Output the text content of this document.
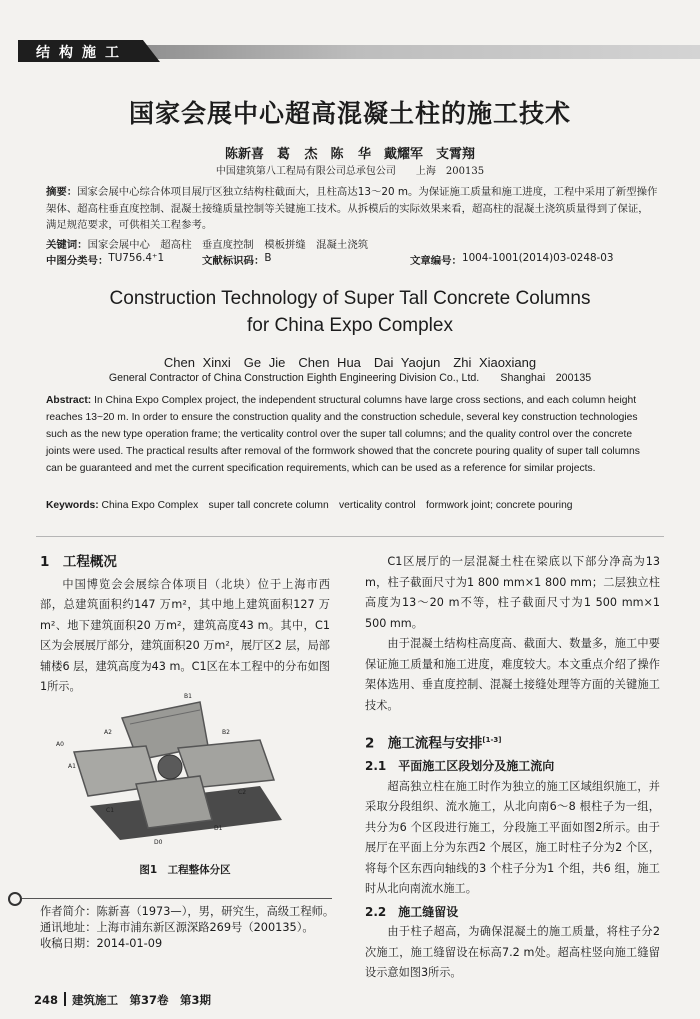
结构施工
国家会展中心超高混凝土柱的施工技术
陈新喜　葛 杰　陈 华　戴耀军　支霄翔
中国建筑第八工程局有限公司总承包公司　　上海　200135
摘要：国家会展中心综合体项目展厅区独立结构柱截面大，且柱高达13～20 m。为保证施工质量和施工进度，工程中采用了新型操作架体、超高柱垂直度控制、混凝土接缝质量控制等关键施工技术。从拆模后的实际效果来看，超高柱的混凝土浇筑质量得到了保证，满足规范要求，可供相关工程参考。
关键词：国家会展中心　超高柱　垂直度控制　模板拼缝　混凝土浇筑
中图分类号： TU756.4⁺1	文献标识码： B	文章编号： 1004-1001(2014)03-0248-03
Construction Technology of Super Tall Concrete Columns
for China Expo Complex
Chen Xinxi　Ge Jie　Chen Hua　Dai Yaojun　Zhi Xiaoxiang
General Contractor of China Construction Eighth Engineering Division Co., Ltd.　　Shanghai　200135
Abstract: In China Expo Complex project, the independent structural columns have large cross sections, and each column height reaches 13~20 m. In order to ensure the construction quality and the construction schedule, several key construction technologies such as the new type operation frame; the verticality control over the super tall columns; and the quality control over the concrete joints were used. The practical results after removal of the formwork showed that the concrete pouring quality of super tall columns can be guaranteed and met the current specification requirements, which can be used as a reference for similar projects.
Keywords: China Expo Complex　super tall concrete column　verticality control　formwork joint; concrete pouring
1　工程概况

中国博览会会展综合体项目（北块）位于上海市西部，总建筑面积约147 万m²，其中地上建筑面积127 万m²、地下建筑面积20 万m²，建筑高度43 m。其中，C1区为会展展厅部分，建筑面积20 万m²，展厅区2 层，局部辅楼6 层，建筑高度为43 m。C1区在本工程中的分布如图1所示。

B1
A0
A1
A2	B2
C1
C2
D1
D0
图1　工程整体分区

C1区展厅的一层混凝土柱在梁底以下部分净高为13 m，柱子截面尺寸为1 800 mm×1 800 mm；二层独立柱高度为13～20 m不等，柱子截面尺寸为1 500 mm×1 500 mm。

由于混凝土结构柱高度高、截面大、数量多，施工中要保证施工质量和施工进度，难度较大。本文重点介绍了操作架体选用、垂直度控制、混凝土接缝处理等方面的关键施工技术。

2　施工流程与安排[1-3]
2.1　平面施工区段划分及施工流向

超高独立柱在施工时作为独立的施工区域组织施工，并采取分段组织、流水施工，从北向南6～8 根柱子为一组，共分为6 个区段进行施工，分段施工平面如图2所示。由于展厅在平面上分为东西2 个展区，施工时柱子分为2 个区，将每个区东西向轴线的3 个柱子分为1 个组，共6 组，施工时从北向南流水施工。

2.2　施工缝留设

由于柱子超高，为确保混凝土的施工质量，将柱子分2 次施工，施工缝留设在标高7.2 m处。超高柱竖向施工缝留设示意如图3所示。

作者简介：陈新喜（1973—），男，研究生，高级工程师。
通讯地址：上海市浦东新区源深路269号（200135）。
收稿日期：2014-01-09
248 建筑施工　第37卷　第3期
